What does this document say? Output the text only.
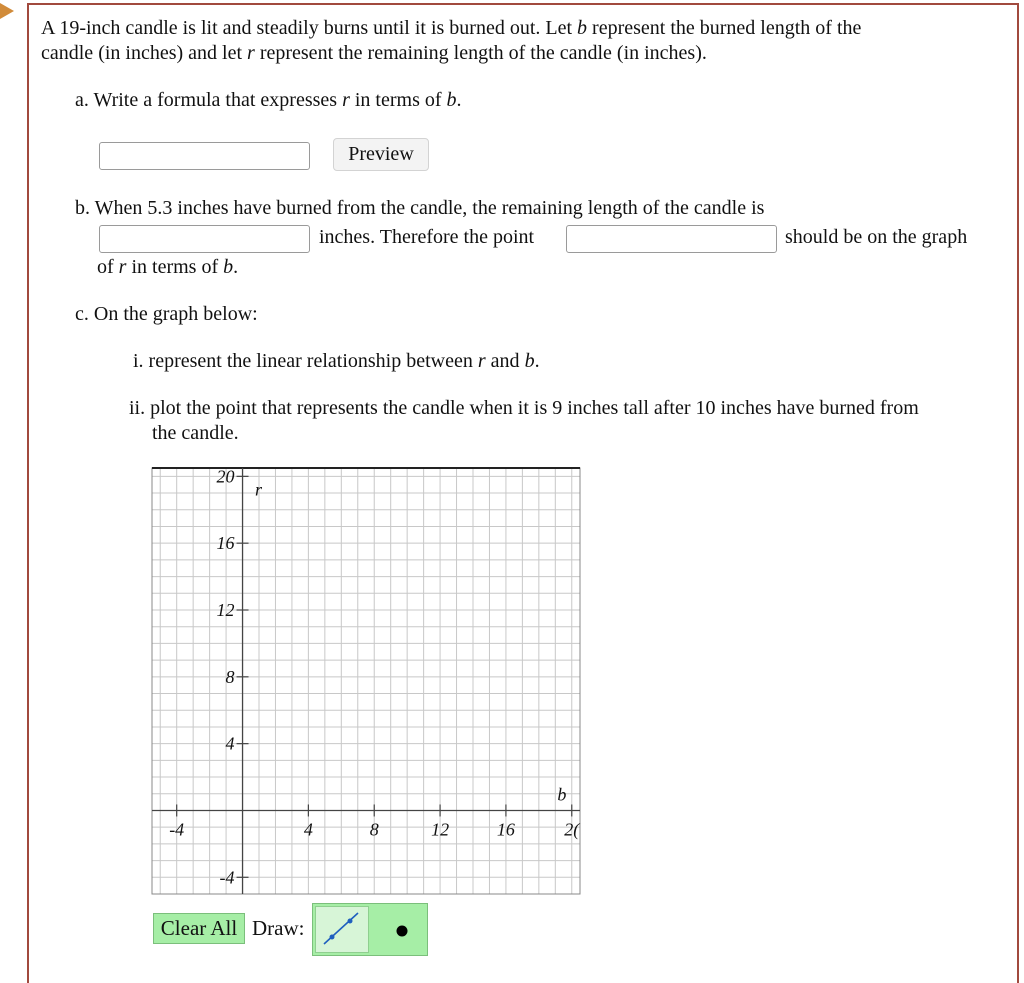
A 19-inch candle is lit and steadily burns until it is burned out. Let b represent the burned length of the
candle (in inches) and let r represent the remaining length of the candle (in inches).
a. Write a formula that expresses r in terms of b.
Preview
b. When 5.3 inches have burned from the candle, the remaining length of the candle is
inches. Therefore the point	should be on the graph
of r in terms of b.
c. On the graph below:
i. represent the linear relationship between r and b.
ii. plot the point that represents the candle when it is 9 inches tall after 10 inches have burned from
the candle.
-4	4	8	12	16	2(
20
16
12
8
4
-4
b
r
Clear All Draw:
